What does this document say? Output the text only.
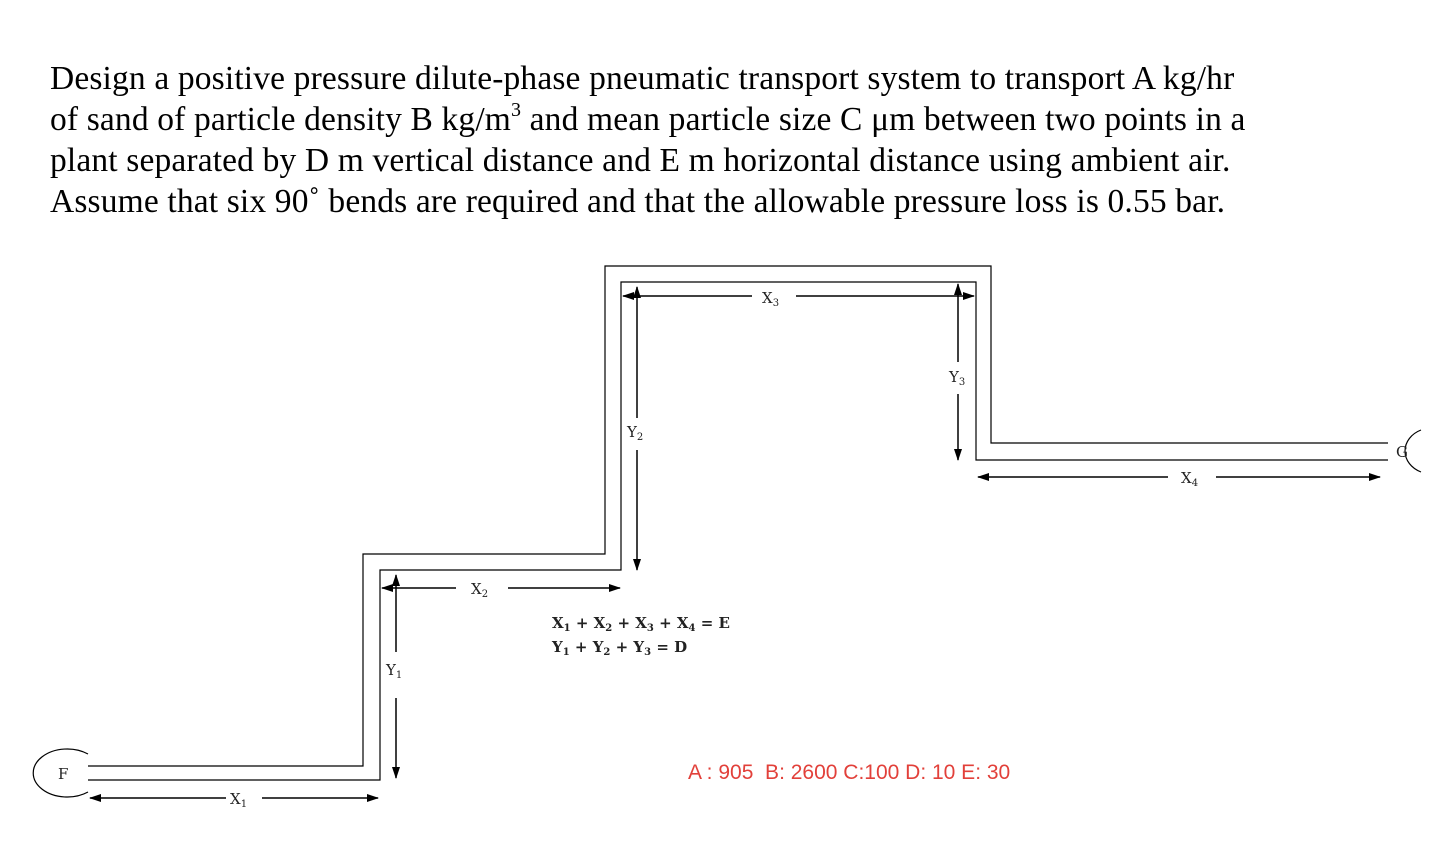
Design a positive pressure dilute-phase pneumatic transport system to transport A kg/hr
of sand of particle density B $kg/m^3$ and mean particle size C μm between two points in a
plant separated by D m vertical distance and E m horizontal distance using ambient air.
Assume that six 90˚ bends are required and that the allowable pressure loss is 0.55 bar.
F
G
$X_1$
$Y_1$
$X_2$
$Y_2$
$X_3$
$Y_3$
$X_4$
$X_1 + X_2 + X_3 + X_4 = E$
$Y_1 + Y_2 + Y_3 = D$
A : 905  B: 2600 C:100 D: 10 E: 30
